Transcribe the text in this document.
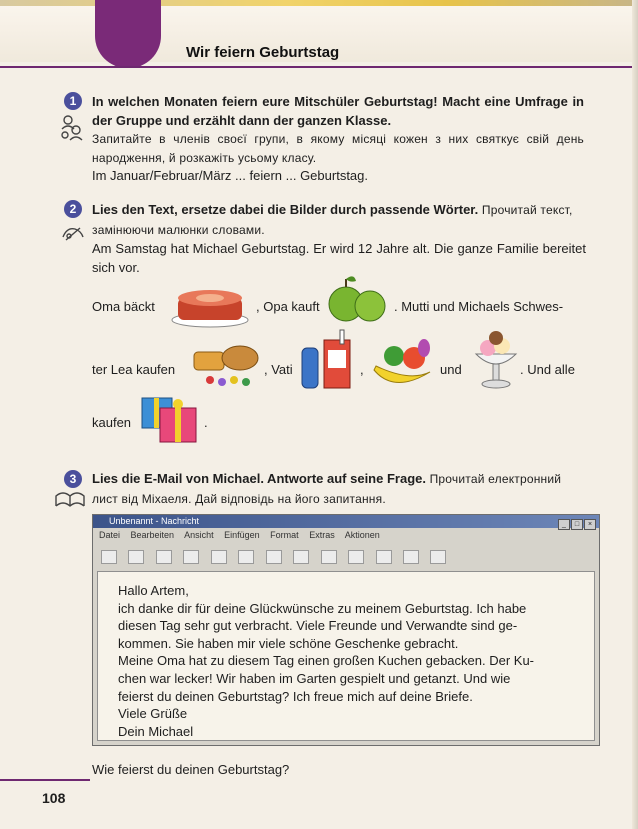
Wir feiern Geburtstag
1	In welchen Monaten feiern eure Mitschüler Geburtstag! Macht eine Umfrage in der Gruppe und erzählt dann der ganzen Klasse.

Запитайте в членів своєї групи, в якому місяці кожен з них святкує свій день народження, й розкажіть усьому класу.

Im Januar/Februar/März ... feiern ... Geburtstag.

2	Lies den Text, ersetze dabei die Bilder durch passende Wörter. Прочитай текст, замінюючи малюнки словами.

Am Samstag hat Michael Geburtstag. Er wird 12 Jahre alt. Die ganze Familie bereitet sich vor.

Oma bäckt	, Opa kauft	. Mutti und Michaels Schwes-
ter Lea kaufen	, Vati	,	und	. Und alle
kaufen	.
3	Lies die E-Mail von Michael. Antworte auf seine Frage. Прочитай електронний лист від Міхаеля. Дай відповідь на його запитання.

Unbenannt - Nachricht	_ □ ×
Datei Bearbeiten Ansicht Einfügen Format Extras Aktionen

Hallo Artem,
ich danke dir für deine Glückwünsche zu meinem Geburtstag. Ich habe
diesen Tag sehr gut verbracht. Viele Freunde und Verwandte sind ge-
kommen. Sie haben mir viele schöne Geschenke gebracht.
Meine Oma hat zu diesem Tag einen großen Kuchen gebacken. Der Ku-
chen war lecker! Wir haben im Garten gespielt und getanzt. Und wie
feierst du deinen Geburtstag? Ich freue mich auf deine Briefe.
Viele Grüße
Dein Michael

Wie feierst du deinen Geburtstag?

108
